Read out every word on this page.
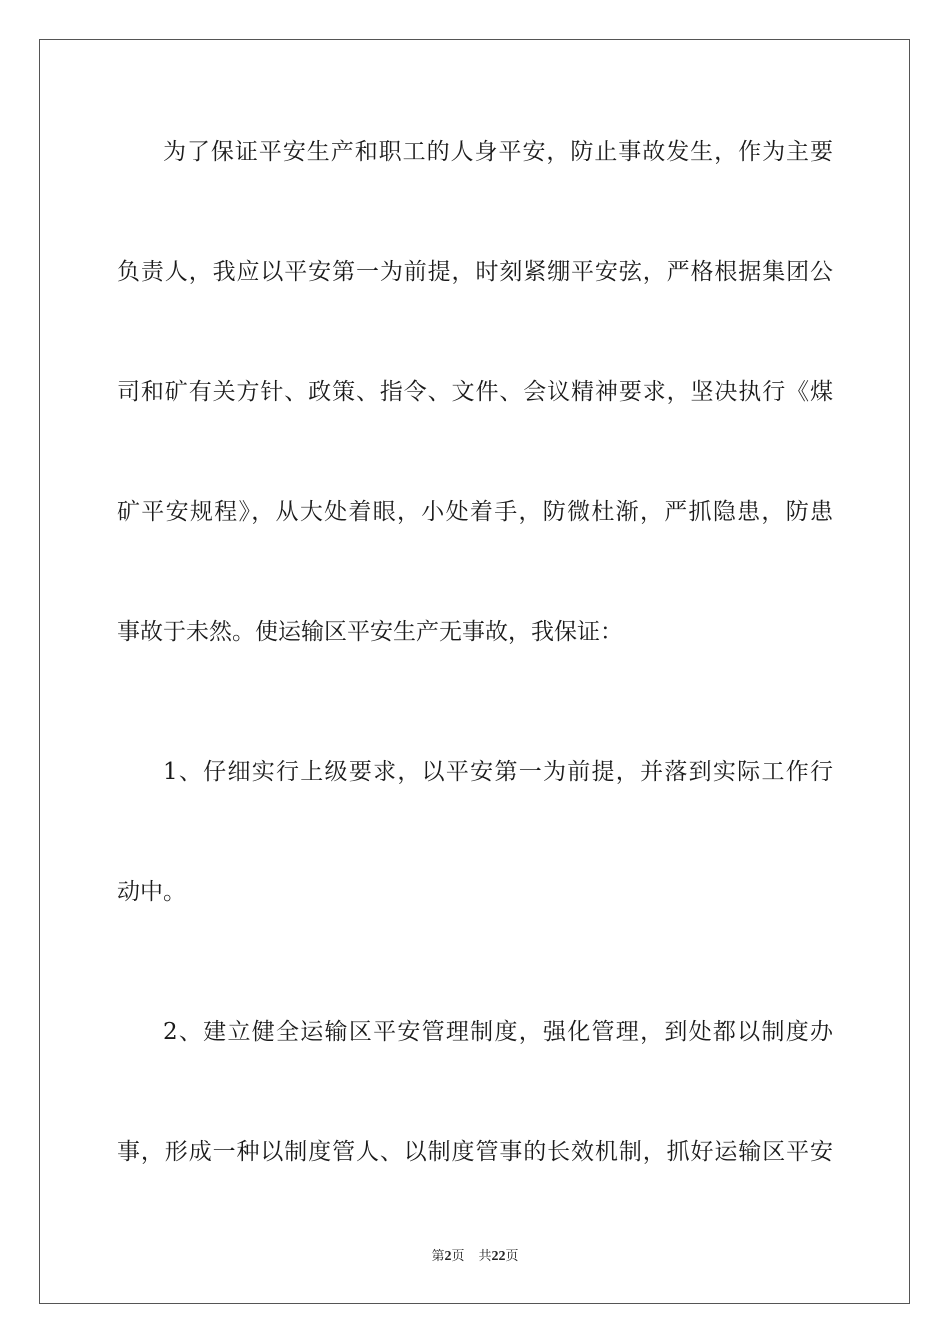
为了保证平安生产和职工的人身平安，防止事故发生，作为主要
负责人，我应以平安第一为前提，时刻紧绷平安弦，严格根据集团公
司和矿有关方针、政策、指令、文件、会议精神要求，坚决执行《煤
矿平安规程》，从大处着眼，小处着手，防微杜渐，严抓隐患，防患
事故于未然。使运输区平安生产无事故，我保证：
1、仔细实行上级要求，以平安第一为前提，并落到实际工作行
动中。
2、建立健全运输区平安管理制度，强化管理，到处都以制度办
事，形成一种以制度管人、以制度管事的长效机制，抓好运输区平安
第2页 共22页
